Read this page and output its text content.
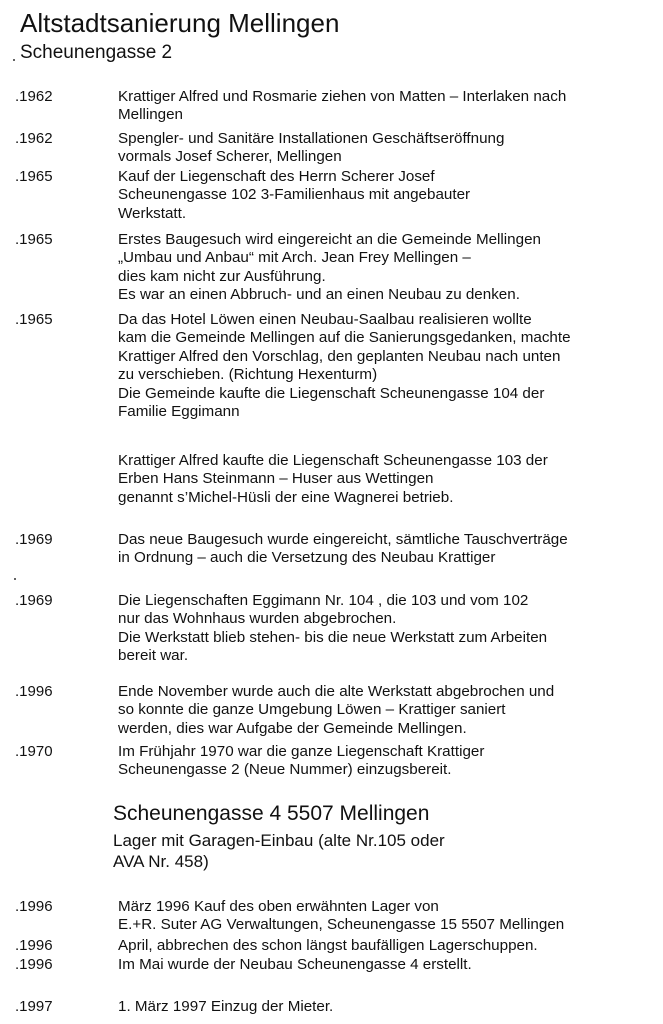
Altstadtsanierung Mellingen
Scheunengasse 2
.1962	Krattiger Alfred und Rosmarie ziehen von Matten – Interlaken nach
Mellingen
.1962	Spengler- und Sanitäre Installationen Geschäftseröffnung
vormals Josef Scherer, Mellingen
.1965	Kauf der Liegenschaft des Herrn Scherer Josef
Scheunengasse 102 3-Familienhaus mit angebauter
Werkstatt.
.1965	Erstes Baugesuch wird eingereicht an die Gemeinde Mellingen
„Umbau und Anbau“ mit Arch. Jean Frey Mellingen –
dies kam nicht zur Ausführung.
Es war an einen Abbruch- und an einen Neubau zu denken.
.1965	Da das Hotel Löwen einen Neubau-Saalbau realisieren wollte
kam die Gemeinde Mellingen auf die Sanierungsgedanken, machte
Krattiger Alfred den Vorschlag, den geplanten Neubau nach unten
zu verschieben. (Richtung Hexenturm)
Die Gemeinde kaufte die Liegenschaft Scheunengasse 104 der
Familie Eggimann
Krattiger Alfred kaufte die Liegenschaft Scheunengasse 103 der
Erben Hans Steinmann – Huser aus Wettingen
genannt s’Michel-Hüsli der eine Wagnerei betrieb.
.1969	Das neue Baugesuch wurde eingereicht, sämtliche Tauschverträge
in Ordnung – auch die Versetzung des Neubau Krattiger
.1969	Die Liegenschaften Eggimann Nr. 104 , die 103 und vom 102
nur das Wohnhaus wurden abgebrochen.
Die Werkstatt blieb stehen- bis die neue Werkstatt zum Arbeiten
bereit war.
.1996	Ende November wurde auch die alte Werkstatt abgebrochen und
so konnte die ganze Umgebung Löwen – Krattiger saniert
werden, dies war Aufgabe der Gemeinde Mellingen.
.1970	Im Frühjahr 1970 war die ganze Liegenschaft Krattiger
Scheunengasse 2 (Neue Nummer) einzugsbereit.
Scheunengasse 4 5507 Mellingen
Lager mit Garagen-Einbau (alte Nr.105 oder
AVA Nr. 458)
.1996	März 1996 Kauf des oben erwähnten Lager von
E.+R. Suter AG Verwaltungen, Scheunengasse 15 5507 Mellingen
.1996	April, abbrechen des schon längst baufälligen Lagerschuppen.
.1996	Im Mai wurde der Neubau Scheunengasse 4 erstellt.
.1997	1. März 1997 Einzug der Mieter.
